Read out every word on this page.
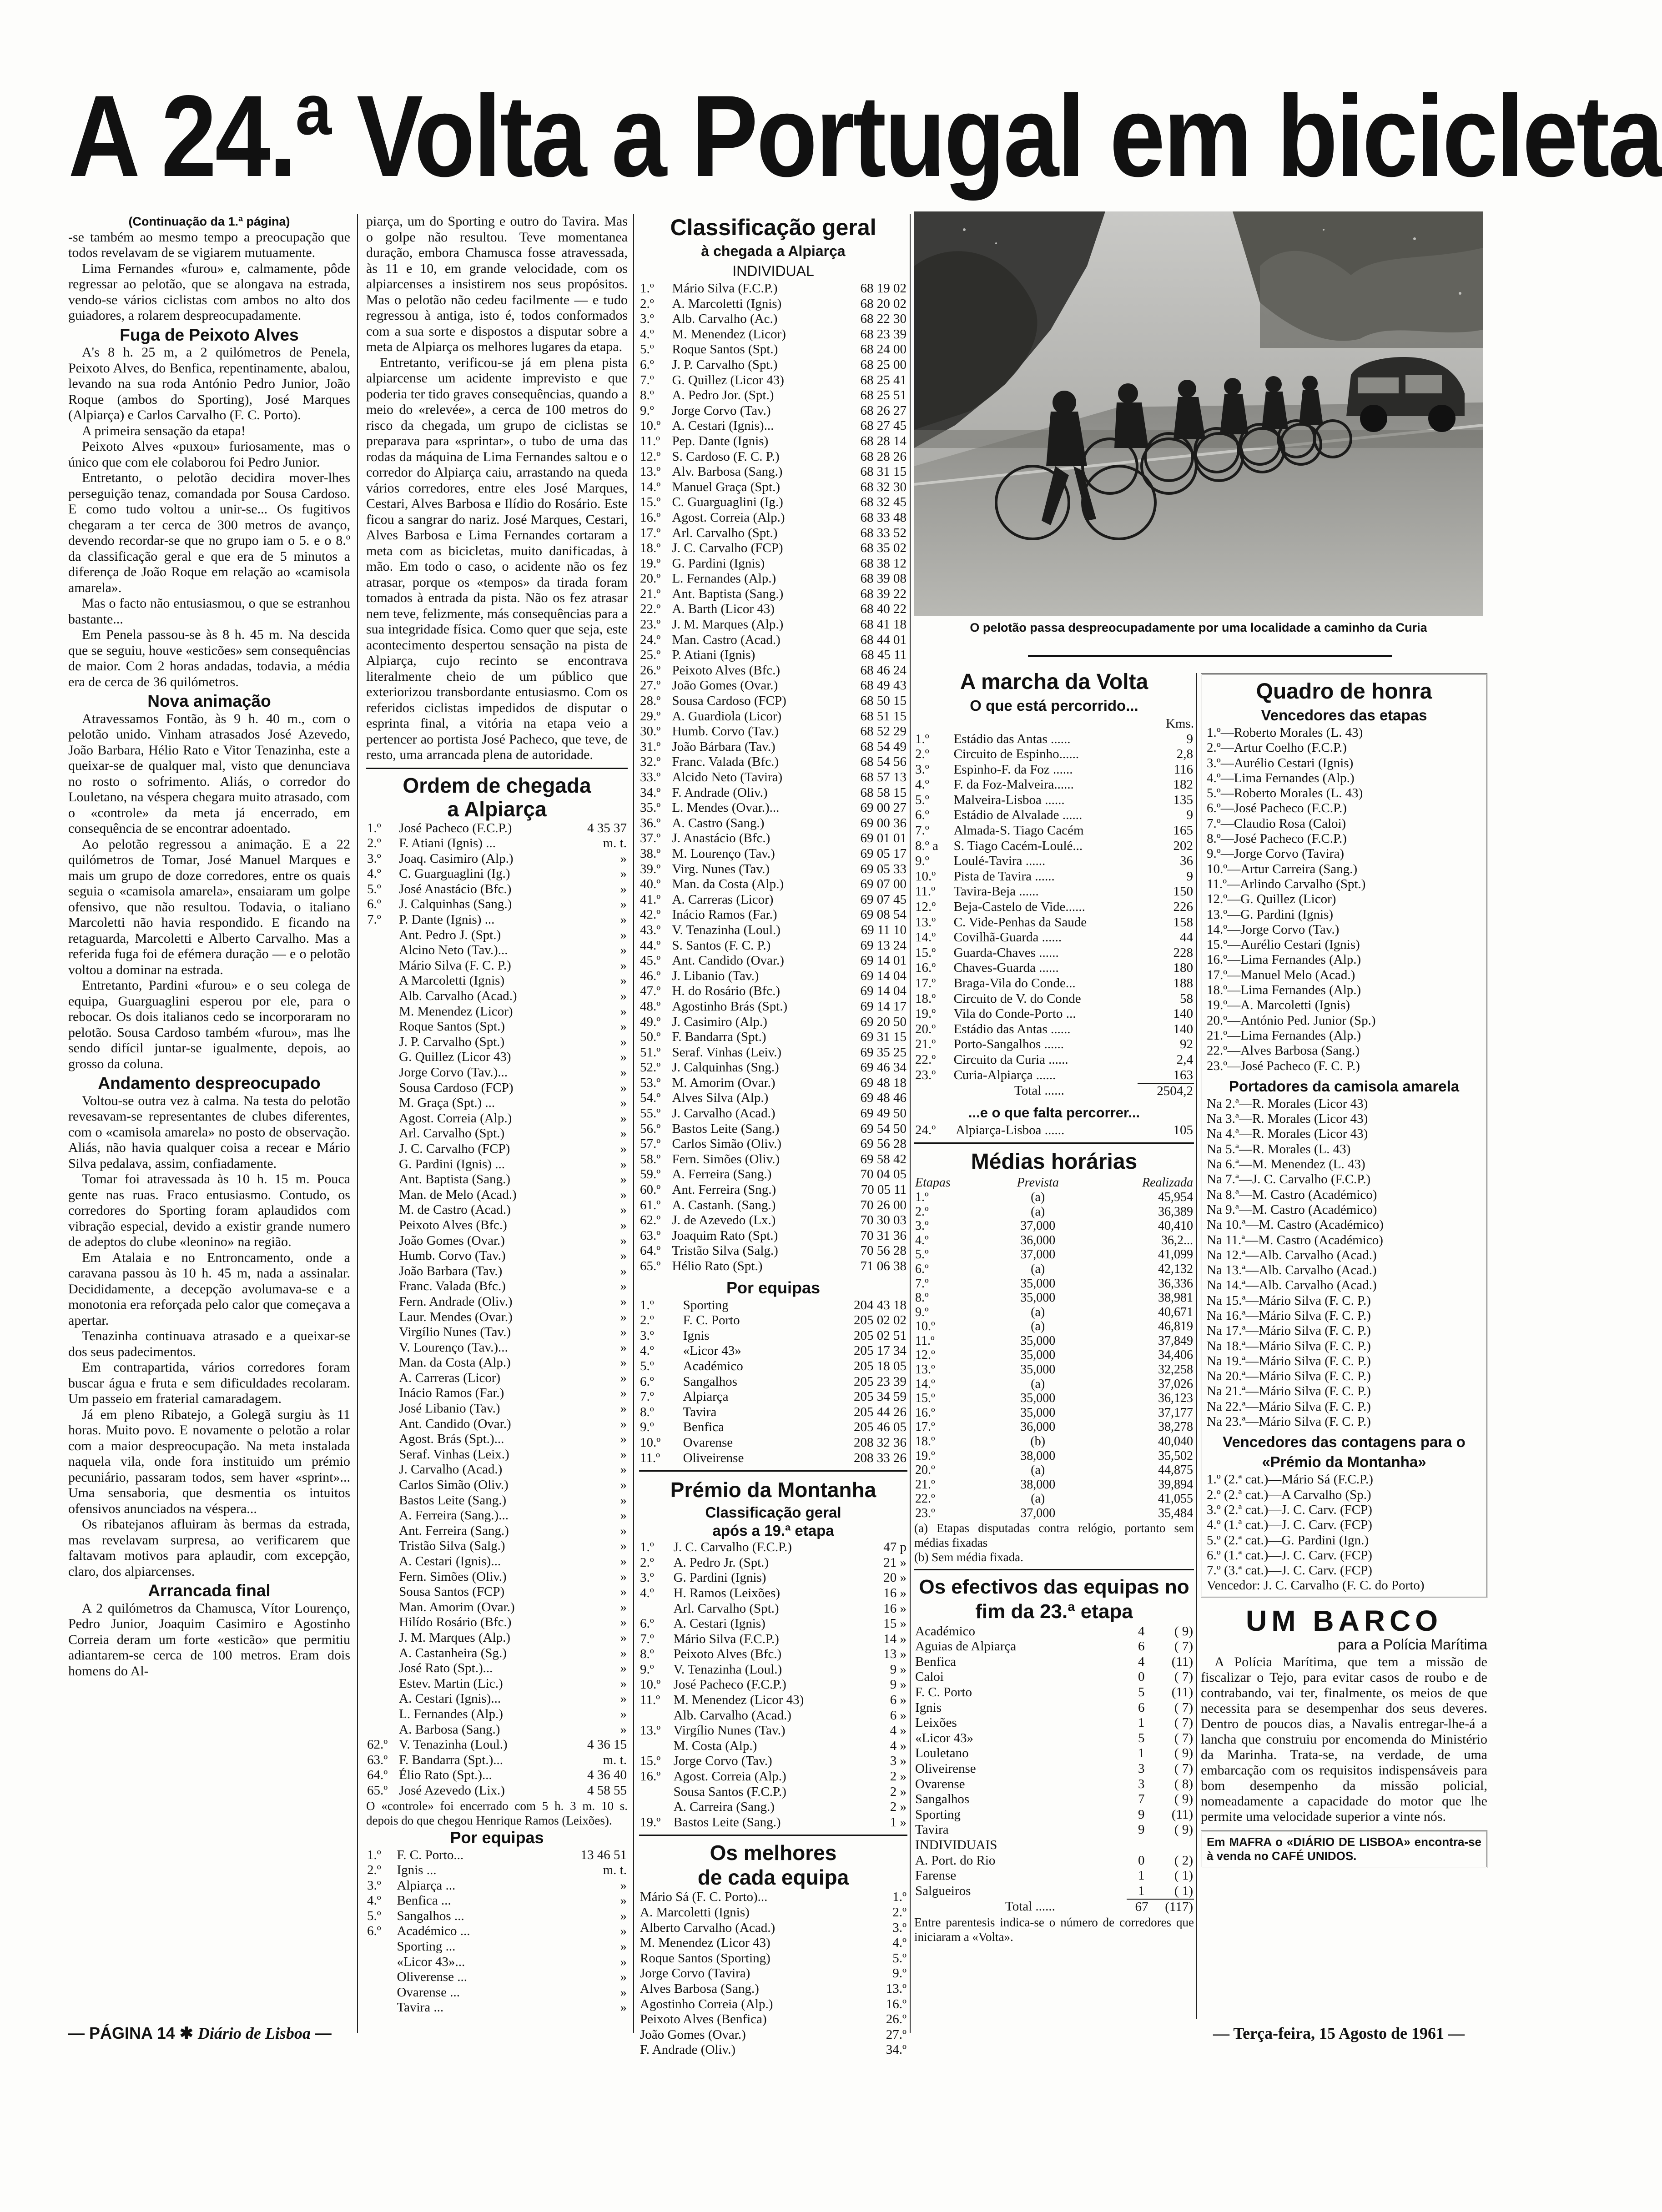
A 24.ª Volta a Portugal em bicicleta

(Continuação da 1.ª página)

-se também ao mesmo tempo a preocupação que todos revelavam de se vigiarem mutuamente.

Lima Fernandes «furou» e, calmamente, pôde regressar ao pelotão, que se alongava na estrada, vendo-se vários ciclistas com ambos no alto dos guiadores, a rolarem despreocupadamente.

Fuga de Peixoto Alves

A's 8 h. 25 m, a 2 quilómetros de Penela, Peixoto Alves, do Benfica, repentinamente, abalou, levando na sua roda António Pedro Junior, João Roque (ambos do Sporting), José Marques (Alpiarça) e Carlos Carvalho (F. C. Porto).

A primeira sensação da etapa!

Peixoto Alves «puxou» furiosamente, mas o único que com ele colaborou foi Pedro Junior.

Entretanto, o pelotão decidira mover-lhes perseguição tenaz, comandada por Sousa Cardoso. E como tudo voltou a unir-se... Os fugitivos chegaram a ter cerca de 300 metros de avanço, devendo recordar-se que no grupo iam o 5. e o 8.º da classificação geral e que era de 5 minutos a diferença de João Roque em relação ao «camisola amarela».

Mas o facto não entusiasmou, o que se estranhou bastante...

Em Penela passou-se às 8 h. 45 m. Na descida que se seguiu, houve «esticões» sem consequências de maior. Com 2 horas andadas, todavia, a média era de cerca de 36 quilómetros.

Nova animação

Atravessamos Fontão, às 9 h. 40 m., com o pelotão unido. Vinham atrasados José Azevedo, João Barbara, Hélio Rato e Vitor Tenazinha, este a queixar-se de qualquer mal, visto que denunciava no rosto o sofrimento. Aliás, o corredor do Louletano, na véspera chegara muito atrasado, com o «controle» da meta já encerrado, em consequência de se encontrar adoentado.

Ao pelotão regressou a animação. E a 22 quilómetros de Tomar, José Manuel Marques e mais um grupo de doze corredores, entre os quais seguia o «camisola amarela», ensaiaram um golpe ofensivo, que não resultou. Todavia, o italiano Marcoletti não havia respondido. E ficando na retaguarda, Marcoletti e Alberto Carvalho. Mas a referida fuga foi de efémera duração — e o pelotão voltou a dominar na estrada.

Entretanto, Pardini «furou» e o seu colega de equipa, Guarguaglini esperou por ele, para o rebocar. Os dois italianos cedo se incorporaram no pelotão. Sousa Cardoso também «furou», mas lhe sendo difícil juntar-se igualmente, depois, ao grosso da coluna.

Andamento despreocupado

Voltou-se outra vez à calma. Na testa do pelotão revesavam-se representantes de clubes diferentes, com o «camisola amarela» no posto de observação. Aliás, não havia qualquer coisa a recear e Mário Silva pedalava, assim, confiadamente.

Tomar foi atravessada às 10 h. 15 m. Pouca gente nas ruas. Fraco entusiasmo. Contudo, os corredores do Sporting foram aplaudidos com vibração especial, devido a existir grande numero de adeptos do clube «leonino» na região.

Em Atalaia e no Entroncamento, onde a caravana passou às 10 h. 45 m, nada a assinalar. Decididamente, a decepção avolumava-se e a monotonia era reforçada pelo calor que começava a apertar.

Tenazinha continuava atrasado e a queixar-se dos seus padecimentos.

Em contrapartida, vários corredores foram buscar água e fruta e sem dificuldades recolaram. Um passeio em fraterial camaradagem.

Já em pleno Ribatejo, a Golegã surgiu às 11 horas. Muito povo. E novamente o pelotão a rolar com a maior despreocupação. Na meta instalada naquela vila, onde fora instituido um prémio pecuniário, passaram todos, sem haver «sprint»... Uma sensaboria, que desmentia os intuitos ofensivos anunciados na véspera...

Os ribatejanos afluiram às bermas da estrada, mas revelavam surpresa, ao verificarem que faltavam motivos para aplaudir, com excepção, claro, dos alpiarcenses.

Arrancada final

A 2 quilómetros da Chamusca, Vítor Lourenço, Pedro Junior, Joaquim Casimiro e Agostinho Correia deram um forte «esticão» que permitiu adiantarem-se cerca de 100 metros. Eram dois homens do Al-

piarça, um do Sporting e outro do Tavira. Mas o golpe não resultou. Teve momentanea duração, embora Chamusca fosse atravessada, às 11 e 10, em grande velocidade, com os alpiarcenses a insistirem nos seus propósitos. Mas o pelotão não cedeu facilmente — e tudo regressou à antiga, isto é, todos conformados com a sua sorte e dispostos a disputar sobre a meta de Alpiarça os melhores lugares da etapa.

Entretanto, verificou-se já em plena pista alpiarcense um acidente imprevisto e que poderia ter tido graves consequências, quando a meio do «relevée», a cerca de 100 metros do risco da chegada, um grupo de ciclistas se preparava para «sprintar», o tubo de uma das rodas da máquina de Lima Fernandes saltou e o corredor do Alpiarça caiu, arrastando na queda vários corredores, entre eles José Marques, Cestari, Alves Barbosa e Ilídio do Rosário. Este ficou a sangrar do nariz. José Marques, Cestari, Alves Barbosa e Lima Fernandes cortaram a meta com as bicicletas, muito danificadas, à mão. Em todo o caso, o acidente não os fez atrasar, porque os «tempos» da tirada foram tomados à entrada da pista. Não os fez atrasar nem teve, felizmente, más consequências para a sua integridade física. Como quer que seja, este acontecimento despertou sensação na pista de Alpiarça, cujo recinto se encontrava literalmente cheio de um público que exteriorizou transbordante entusiasmo. Com os referidos ciclistas impedidos de disputar o esprinta final, a vitória na etapa veio a pertencer ao portista José Pacheco, que teve, de resto, uma arrancada plena de autoridade.

Ordem de chegada
a Alpiarça
1.º	José Pacheco (F.C.P.)	4 35 37
2.º	F. Atiani (Ignis) ...	m. t.
3.º	Joaq. Casimiro (Alp.)	»
4.º	C. Guarguaglini (Ig.)	»
5.º	José Anastácio (Bfc.)	»
6.º	J. Calquinhas (Sang.)	»
7.º	P. Dante (Ignis) ...	»
	Ant. Pedro J. (Spt.)	»
	Alcino Neto (Tav.)...	»
	Mário Silva (F. C. P.)	»
	A Marcoletti (Ignis)	»
	Alb. Carvalho (Acad.)	»
	M. Menendez (Licor)	»
	Roque Santos (Spt.)	»
	J. P. Carvalho (Spt.)	»
	G. Quillez (Licor 43)	»
	Jorge Corvo (Tav.)...	»
	Sousa Cardoso (FCP)	»
	M. Graça (Spt.) ...	»
	Agost. Correia (Alp.)	»
	Arl. Carvalho (Spt.)	»
	J. C. Carvalho (FCP)	»
	G. Pardini (Ignis) ...	»
	Ant. Baptista (Sang.)	»
	Man. de Melo (Acad.)	»
	M. de Castro (Acad.)	»
	Peixoto Alves (Bfc.)	»
	João Gomes (Ovar.)	»
	Humb. Corvo (Tav.)	»
	João Barbara (Tav.)	»
	Franc. Valada (Bfc.)	»
	Fern. Andrade (Oliv.)	»
	Laur. Mendes (Ovar.)	»
	Virgílio Nunes (Tav.)	»
	V. Lourenço (Tav.)...	»
	Man. da Costa (Alp.)	»
	A. Carreras (Licor)	»
	Inácio Ramos (Far.)	»
	José Libanio (Tav.)	»
	Ant. Candido (Ovar.)	»
	Agost. Brás (Spt.)...	»
	Seraf. Vinhas (Leix.)	»
	J. Carvalho (Acad.)	»
	Carlos Simão (Oliv.)	»
	Bastos Leite (Sang.)	»
	A. Ferreira (Sang.)...	»
	Ant. Ferreira (Sang.)	»
	Tristão Silva (Salg.)	»
	A. Cestari (Ignis)...	»
	Fern. Simões (Oliv.)	»
	Sousa Santos (FCP)	»
	Man. Amorim (Ovar.)	»
	Hilído Rosário (Bfc.)	»
	J. M. Marques (Alp.)	»
	A. Castanheira (Sg.)	»
	José Rato (Spt.)...	»
	Estev. Martin (Lic.)	»
	A. Cestari (Ignis)...	»
	L. Fernandes (Alp.)	»
	A. Barbosa (Sang.)	»
62.º	V. Tenazinha (Loul.)	4 36 15
63.º	F. Bandarra (Spt.)...	m. t.
64.º	Élio Rato (Spt.)...	4 36 40
65.º	José Azevedo (Lix.)	4 58 55

O «controle» foi encerrado com 5 h. 3 m. 10 s. depois do que chegou Henrique Ramos (Leixões).

Por equipas
1.º	F. C. Porto...	13 46 51
2.º	Ignis ...	m. t.
3.º	Alpiarça ...	»
4.º	Benfica ...	»
5.º	Sangalhos ...	»
6.º	Académico ...	»
	Sporting ...	»
	«Licor 43»...	»
	Oliverense ...	»
	Ovarense ...	»
	Tavira ...	»
Classificação geral
à chegada a Alpiarça
INDIVIDUAL
1.º	Mário Silva (F.C.P.)	68 19 02
2.º	A. Marcoletti (Ignis)	68 20 02
3.º	Alb. Carvalho (Ac.)	68 22 30
4.º	M. Menendez (Licor)	68 23 39
5.º	Roque Santos (Spt.)	68 24 00
6.º	J. P. Carvalho (Spt.)	68 25 00
7.º	G. Quillez (Licor 43)	68 25 41
8.º	A. Pedro Jor. (Spt.)	68 25 51
9.º	Jorge Corvo (Tav.)	68 26 27
10.º	A. Cestari (Ignis)...	68 27 45
11.º	Pep. Dante (Ignis)	68 28 14
12.º	S. Cardoso (F. C. P.)	68 28 26
13.º	Alv. Barbosa (Sang.)	68 31 15
14.º	Manuel Graça (Spt.)	68 32 30
15.º	C. Guarguaglini (Ig.)	68 32 45
16.º	Agost. Correia (Alp.)	68 33 48
17.º	Arl. Carvalho (Spt.)	68 33 52
18.º	J. C. Carvalho (FCP)	68 35 02
19.º	G. Pardini (Ignis)	68 38 12
20.º	L. Fernandes (Alp.)	68 39 08
21.º	Ant. Baptista (Sang.)	68 39 22
22.º	A. Barth (Licor 43)	68 40 22
23.º	J. M. Marques (Alp.)	68 41 18
24.º	Man. Castro (Acad.)	68 44 01
25.º	P. Atiani (Ignis)	68 45 11
26.º	Peixoto Alves (Bfc.)	68 46 24
27.º	João Gomes (Ovar.)	68 49 43
28.º	Sousa Cardoso (FCP)	68 50 15
29.º	A. Guardiola (Licor)	68 51 15
30.º	Humb. Corvo (Tav.)	68 52 29
31.º	João Bárbara (Tav.)	68 54 49
32.º	Franc. Valada (Bfc.)	68 54 56
33.º	Alcido Neto (Tavira)	68 57 13
34.º	F. Andrade (Oliv.)	68 58 15
35.º	L. Mendes (Ovar.)...	69 00 27
36.º	A. Castro (Sang.)	69 00 36
37.º	J. Anastácio (Bfc.)	69 01 01
38.º	M. Lourenço (Tav.)	69 05 17
39.º	Virg. Nunes (Tav.)	69 05 33
40.º	Man. da Costa (Alp.)	69 07 00
41.º	A. Carreras (Licor)	69 07 45
42.º	Inácio Ramos (Far.)	69 08 54
43.º	V. Tenazinha (Loul.)	69 11 10
44.º	S. Santos (F. C. P.)	69 13 24
45.º	Ant. Candido (Ovar.)	69 14 01
46.º	J. Libanio (Tav.)	69 14 04
47.º	H. do Rosário (Bfc.)	69 14 04
48.º	Agostinho Brás (Spt.)	69 14 17
49.º	J. Casimiro (Alp.)	69 20 50
50.º	F. Bandarra (Spt.)	69 31 15
51.º	Seraf. Vinhas (Leiv.)	69 35 25
52.º	J. Calquinhas (Sng.)	69 46 34
53.º	M. Amorim (Ovar.)	69 48 18
54.º	Alves Silva (Alp.)	69 48 46
55.º	J. Carvalho (Acad.)	69 49 50
56.º	Bastos Leite (Sang.)	69 54 50
57.º	Carlos Simão (Oliv.)	69 56 28
58.º	Fern. Simões (Oliv.)	69 58 42
59.º	A. Ferreira (Sang.)	70 04 05
60.º	Ant. Ferreira (Sng.)	70 05 11
61.º	A. Castanh. (Sang.)	70 26 00
62.º	J. de Azevedo (Lx.)	70 30 03
63.º	Joaquim Rato (Spt.)	70 31 36
64.º	Tristão Silva (Salg.)	70 56 28
65.º	Hélio Rato (Spt.)	71 06 38
Por equipas
1.º	Sporting	204 43 18
2.º	F. C. Porto	205 02 02
3.º	Ignis	205 02 51
4.º	«Licor 43»	205 17 34
5.º	Académico	205 18 05
6.º	Sangalhos	205 23 39
7.º	Alpiarça	205 34 59
8.º	Tavira	205 44 26
9.º	Benfica	205 46 05
10.º	Ovarense	208 32 36
11.º	Oliveirense	208 33 26
Prémio da Montanha
Classificação geral
após a 19.ª etapa
1.º	J. C. Carvalho (F.C.P.)	47 p
2.º	A. Pedro Jr. (Spt.)	21 »
3.º	G. Pardini (Ignis)	20 »
4.º	H. Ramos (Leixões)	16 »
	Arl. Carvalho (Spt.)	16 »
6.º	A. Cestari (Ignis)	15 »
7.º	Mário Silva (F.C.P.)	14 »
8.º	Peixoto Alves (Bfc.)	13 »
9.º	V. Tenazinha (Loul.)	9 »
10.º	José Pacheco (F.C.P.)	9 »
11.º	M. Menendez (Licor 43)	6 »
	Alb. Carvalho (Acad.)	6 »
13.º	Virgílio Nunes (Tav.)	4 »
	M. Costa (Alp.)	4 »
15.º	Jorge Corvo (Tav.)	3 »
16.º	Agost. Correia (Alp.)	2 »
	Sousa Santos (F.C.P.)	2 »
	A. Carreira (Sang.)	2 »
19.º	Bastos Leite (Sang.)	1 »
Os melhores
de cada equipa
Mário Sá (F. C. Porto)...	1.º
A. Marcoletti (Ignis)	2.º
Alberto Carvalho (Acad.)	3.º
M. Menendez (Licor 43)	4.º
Roque Santos (Sporting)	5.º
Jorge Corvo (Tavira)	9.º
Alves Barbosa (Sang.)	13.º
Agostinho Correia (Alp.)	16.º
Peixoto Alves (Benfica)	26.º
João Gomes (Ovar.)	27.º
F. Andrade (Oliv.)	34.º
O pelotão passa despreocupadamente por uma localidade a caminho da Curia
A marcha da Volta
O que está percorrido...
Kms.
1.º	Estádio das Antas ......	9
2.º	Circuito de Espinho......	2,8
3.º	Espinho-F. da Foz ......	116
4.º	F. da Foz-Malveira......	182
5.º	Malveira-Lisboa ......	135
6.º	Estádio de Alvalade ......	9
7.º	Almada-S. Tiago Cacém	165
8.º a	S. Tiago Cacém-Loulé...	202
9.º	Loulé-Tavira ......	36
10.º	Pista de Tavira ......	9
11.º	Tavira-Beja ......	150
12.º	Beja-Castelo de Vide......	226
13.º	C. Vide-Penhas da Saude	158
14.º	Covilhã-Guarda ......	44
15.º	Guarda-Chaves ......	228
16.º	Chaves-Guarda ......	180
17.º	Braga-Vila do Conde...	188
18.º	Circuito de V. do Conde	58
19.º	Vila do Conde-Porto ...	140
20.º	Estádio das Antas ......	140
21.º	Porto-Sangalhos ......	92
22.º	Circuito da Curia ......	2,4
23.º	Curia-Alpiarça ......	163
Total ......	2504,2
...e o que falta percorrer...
24.º	Alpiarça-Lisboa ......	105
Médias horárias
Etapas	Prevista	Realizada
1.º	(a)	45,954
2.º	(a)	36,389
3.º	37,000	40,410
4.º	36,000	36,2...
5.º	37,000	41,099
6.º	(a)	42,132
7.º	35,000	36,336
8.º	35,000	38,981
9.º	(a)	40,671
10.º	(a)	46,819
11.º	35,000	37,849
12.º	35,000	34,406
13.º	35,000	32,258
14.º	(a)	37,026
15.º	35,000	36,123
16.º	35,000	37,177
17.º	36,000	38,278
18.º	(b)	40,040
19.º	38,000	35,502
20.º	(a)	44,875
21.º	38,000	39,894
22.º	(a)	41,055
23.º	37,000	35,484

(a) Etapas disputadas contra relógio, portanto sem médias fixadas

(b) Sem média fixada.

Os efectivos das equipas no fim da 23.ª etapa
Académico	4	( 9)
Aguias de Alpiarça	6	( 7)
Benfica	4	(11)
Caloi	0	( 7)
F. C. Porto	5	(11)
Ignis	6	( 7)
Leixões	1	( 7)
«Licor 43»	5	( 7)
Louletano	1	( 9)
Oliveirense	3	( 7)
Ovarense	3	( 8)
Sangalhos	7	( 9)
Sporting	9	(11)
Tavira	9	( 9)
INDIVIDUAIS		
A. Port. do Rio	0	( 2)
Farense	1	( 1)
Salgueiros	1	( 1)
Total ......	67	(117)

Entre parentesis indica-se o número de corredores que iniciaram a «Volta».

Quadro de honra
Vencedores das etapas
1.º—Roberto Morales (L. 43)
2.º—Artur Coelho (F.C.P.)
3.º—Aurélio Cestari (Ignis)
4.º—Lima Fernandes (Alp.)
5.º—Roberto Morales (L. 43)
6.º—José Pacheco (F.C.P.)
7.º—Claudio Rosa (Caloi)
8.º—José Pacheco (F.C.P.)
9.º—Jorge Corvo (Tavira)
10.º—Artur Carreira (Sang.)
11.º—Arlindo Carvalho (Spt.)
12.º—G. Quillez (Licor)
13.º—G. Pardini (Ignis)
14.º—Jorge Corvo (Tav.)
15.º—Aurélio Cestari (Ignis)
16.º—Lima Fernandes (Alp.)
17.º—Manuel Melo (Acad.)
18.º—Lima Fernandes (Alp.)
19.º—A. Marcoletti (Ignis)
20.º—António Ped. Junior (Sp.)
21.º—Lima Fernandes (Alp.)
22.º—Alves Barbosa (Sang.)
23.º—José Pacheco (F. C. P.)
Portadores da camisola amarela
Na 2.ª—R. Morales (Licor 43)
Na 3.ª—R. Morales (Licor 43)
Na 4.ª—R. Morales (Licor 43)
Na 5.ª—R. Morales (L. 43)
Na 6.ª—M. Menendez (L. 43)
Na 7.ª—J. C. Carvalho (F.C.P.)
Na 8.ª—M. Castro (Académico)
Na 9.ª—M. Castro (Académico)
Na 10.ª—M. Castro (Académico)
Na 11.ª—M. Castro (Académico)
Na 12.ª—Alb. Carvalho (Acad.)
Na 13.ª—Alb. Carvalho (Acad.)
Na 14.ª—Alb. Carvalho (Acad.)
Na 15.ª—Mário Silva (F. C. P.)
Na 16.ª—Mário Silva (F. C. P.)
Na 17.ª—Mário Silva (F. C. P.)
Na 18.ª—Mário Silva (F. C. P.)
Na 19.ª—Mário Silva (F. C. P.)
Na 20.ª—Mário Silva (F. C. P.)
Na 21.ª—Mário Silva (F. C. P.)
Na 22.ª—Mário Silva (F. C. P.)
Na 23.ª—Mário Silva (F. C. P.)
Vencedores das contagens para o «Prémio da Montanha»
1.º (2.ª cat.)—Mário Sá (F.C.P.)
2.º (2.ª cat.)—A Carvalho (Sp.)
3.º (2.ª cat.)—J. C. Carv. (FCP)
4.º (1.ª cat.)—J. C. Carv. (FCP)
5.º (2.ª cat.)—G. Pardini (Ign.)
6.º (1.ª cat.)—J. C. Carv. (FCP)
7.º (3.ª cat.)—J. C. Carv. (FCP)
Vencedor: J. C. Carvalho (F. C. do Porto)
UM BARCO
para a Polícia Marítima

A Polícia Marítima, que tem a missão de fiscalizar o Tejo, para evitar casos de roubo e de contrabando, vai ter, finalmente, os meios de que necessita para se desempenhar dos seus deveres. Dentro de poucos dias, a Navalis entregar-lhe-á a lancha que construiu por encomenda do Ministério da Marinha. Trata-se, na verdade, de uma embarcação com os requisitos indispensáveis para bom desempenho da missão policial, nomeadamente a capacidade do motor que lhe permite uma velocidade superior a vinte nós.

Em MAFRA o «DIÁRIO DE LISBOA» encontra-se à venda no CAFÉ UNIDOS.
— PÁGINA 14 ✱ Diário de Lisboa —	— Terça-feira, 15 Agosto de 1961 —
